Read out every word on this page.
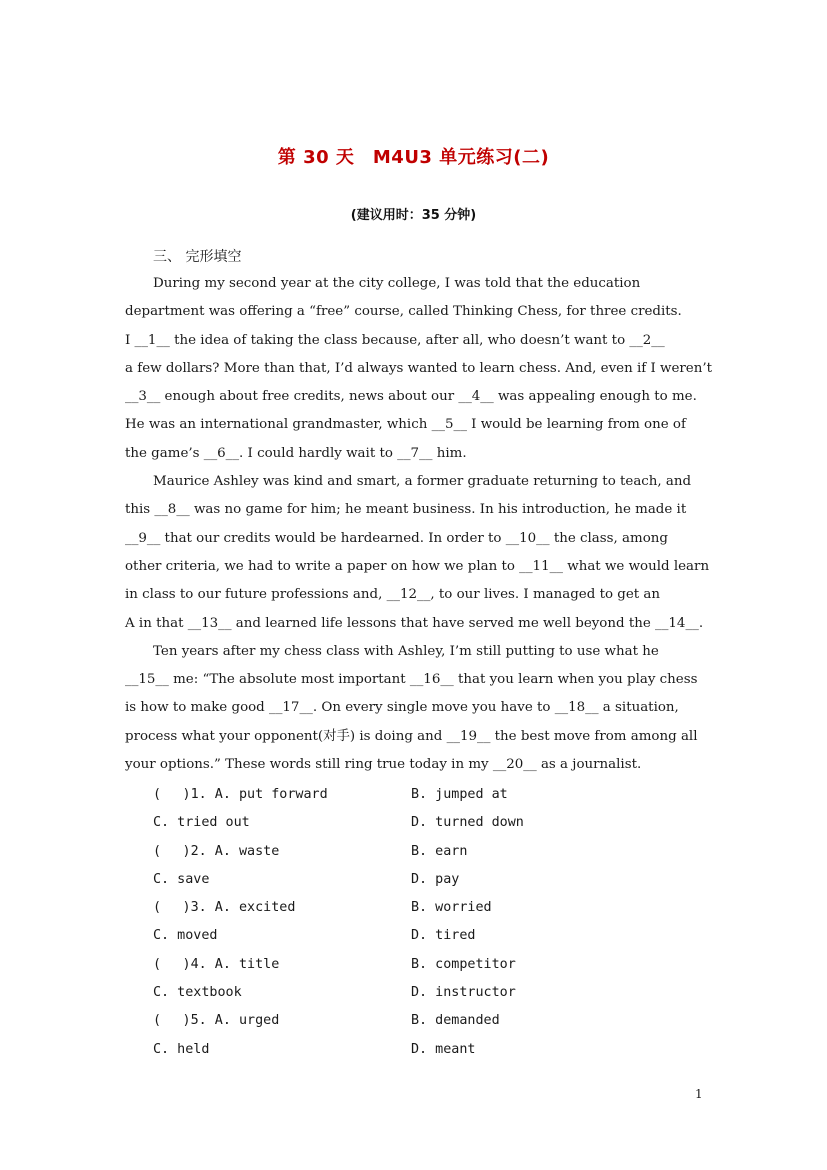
第 30 天　M4U3 单元练习(二)
(建议用时：35 分钟)
三、 完形填空

During my second year at the city college, I was told that the education
department was offering a “free” course, called Thinking Chess, for three credits.
I __1__ the idea of taking the class because, after all, who doesn’t want to __2__
a few dollars? More than that, I’d always wanted to learn chess. And, even if I weren’t
__3__ enough about free credits, news about our __4__ was appealing enough to me.
He was an international grandmaster, which __5__ I would be learning from one of
the game’s __6__. I could hardly wait to __7__ him.

Maurice Ashley was kind and smart, a former graduate returning to teach, and
this __8__ was no game for him; he meant business. In his introduction, he made it
__9__ that our credits would be hardearned. In order to __10__ the class, among
other criteria, we had to write a paper on how we plan to __11__ what we would learn
in class to our future professions and, __12__, to our lives. I managed to get an
A in that __13__ and learned life lessons that have served me well beyond the __14__.

Ten years after my chess class with Ashley, I’m still putting to use what he
__15__ me: “The absolute most important __16__ that you learn when you play chess
is how to make good __17__. On every single move you have to __18__ a situation,
process what your opponent(对手) is doing and __19__ the best move from among all
your options.” These words still ring true today in my __20__ as a journalist.

(　 )1. A. put forward	B. jumped at
C. tried out	D. turned down
(　 )2. A. waste	B. earn
C. save	D. pay
(　 )3. A. excited	B. worried
C. moved	D. tired
(　 )4. A. title	B. competitor
C. textbook	D. instructor
(　 )5. A. urged	B. demanded
C. held	D. meant
1
